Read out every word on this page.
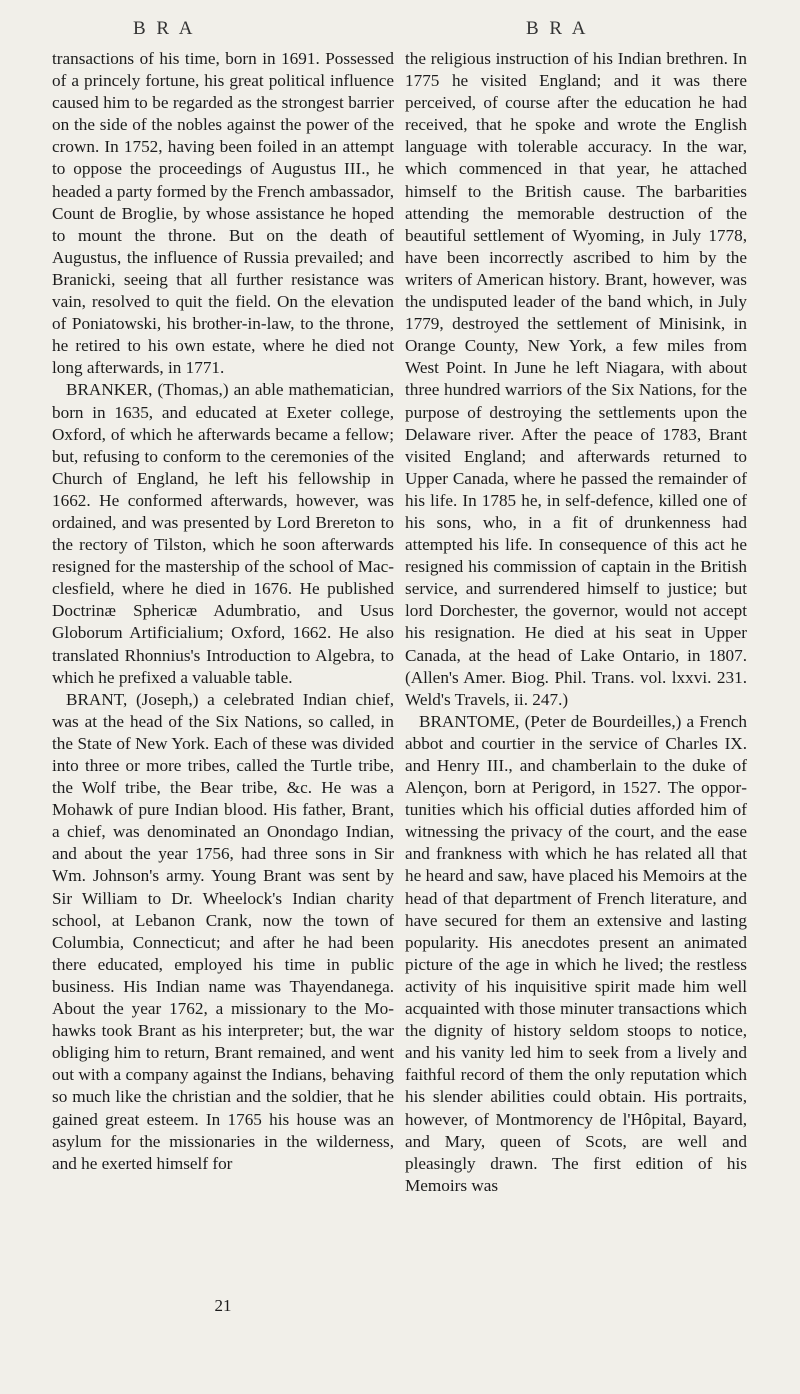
B R A	B R A

transactions of his time, born in 1691. Possessed of a princely fortune, his great political influence caused him to be regarded as the strongest barrier on the side of the nobles against the power of the crown. In 1752, having been foiled in an attempt to oppose the proceedings of Augustus III., he headed a party formed by the French ambassador, Count de Broglie, by whose assistance he hoped to mount the throne. But on the death of Augustus, the influence of Russia prevailed; and Branicki, seeing that all further resistance was vain, resolved to quit the field. On the elevation of Poniatowski, his brother-in-law, to the throne, he retired to his own estate, where he died not long afterwards, in 1771.

BRANKER, (Thomas,) an able mathematician, born in 1635, and educated at Exeter college, Oxford, of which he afterwards became a fellow; but, refusing to conform to the ceremonies of the Church of England, he left his fellowship in 1662. He conformed afterwards, however, was ordained, and was presented by Lord Brereton to the rectory of Tilston, which he soon afterwards resigned for the mastership of the school of Macclesfield, where he died in 1676. He published Doctrinæ Sphericæ Adumbratio, and Usus Globorum Artificialium; Oxford, 1662. He also translated Rhonnius's Introduction to Algebra, to which he prefixed a valuable table.

BRANT, (Joseph,) a celebrated Indian chief, was at the head of the Six Nations, so called, in the State of New York. Each of these was divided into three or more tribes, called the Turtle tribe, the Wolf tribe, the Bear tribe, &c. He was a Mohawk of pure Indian blood. His father, Brant, a chief, was denominated an Onondago Indian, and about the year 1756, had three sons in Sir Wm. Johnson's army. Young Brant was sent by Sir William to Dr. Wheelock's Indian charity school, at Lebanon Crank, now the town of Columbia, Connecticut; and after he had been there educated, employed his time in public business. His Indian name was Thayendanega. About the year 1762, a missionary to the Mohawks took Brant as his interpreter; but, the war obliging him to return, Brant remained, and went out with a company against the Indians, behaving so much like the christian and the soldier, that he gained great esteem. In 1765 his house was an asylum for the missionaries in the wilderness, and he exerted himself for

the religious instruction of his Indian brethren. In 1775 he visited England; and it was there perceived, of course after the education he had received, that he spoke and wrote the English language with tolerable accuracy. In the war, which commenced in that year, he attached himself to the British cause. The barbarities attending the memorable destruction of the beautiful settlement of Wyoming, in July 1778, have been incorrectly ascribed to him by the writers of American history. Brant, however, was the undisputed leader of the band which, in July 1779, destroyed the settlement of Minisink, in Orange County, New York, a few miles from West Point. In June he left Niagara, with about three hundred warriors of the Six Nations, for the purpose of destroying the settlements upon the Delaware river. After the peace of 1783, Brant visited England; and afterwards returned to Upper Canada, where he passed the remainder of his life. In 1785 he, in self-defence, killed one of his sons, who, in a fit of drunkenness had attempted his life. In consequence of this act he resigned his commission of captain in the British service, and surrendered himself to justice; but lord Dorchester, the governor, would not accept his resignation. He died at his seat in Upper Canada, at the head of Lake Ontario, in 1807. (Allen's Amer. Biog. Phil. Trans. vol. lxxvi. 231. Weld's Travels, ii. 247.)

BRANTOME, (Peter de Bourdeilles,) a French abbot and courtier in the service of Charles IX. and Henry III., and chamberlain to the duke of Alençon, born at Perigord, in 1527. The opportunities which his official duties afforded him of witnessing the privacy of the court, and the ease and frankness with which he has related all that he heard and saw, have placed his Memoirs at the head of that department of French literature, and have secured for them an extensive and lasting popularity. His anecdotes present an animated picture of the age in which he lived; the restless activity of his inquisitive spirit made him well acquainted with those minuter transactions which the dignity of history seldom stoops to notice, and his vanity led him to seek from a lively and faithful record of them the only reputation which his slender abilities could obtain. His portraits, however, of Montmorency de l'Hôpital, Bayard, and Mary, queen of Scots, are well and pleasingly drawn. The first edition of his Memoirs was

21
